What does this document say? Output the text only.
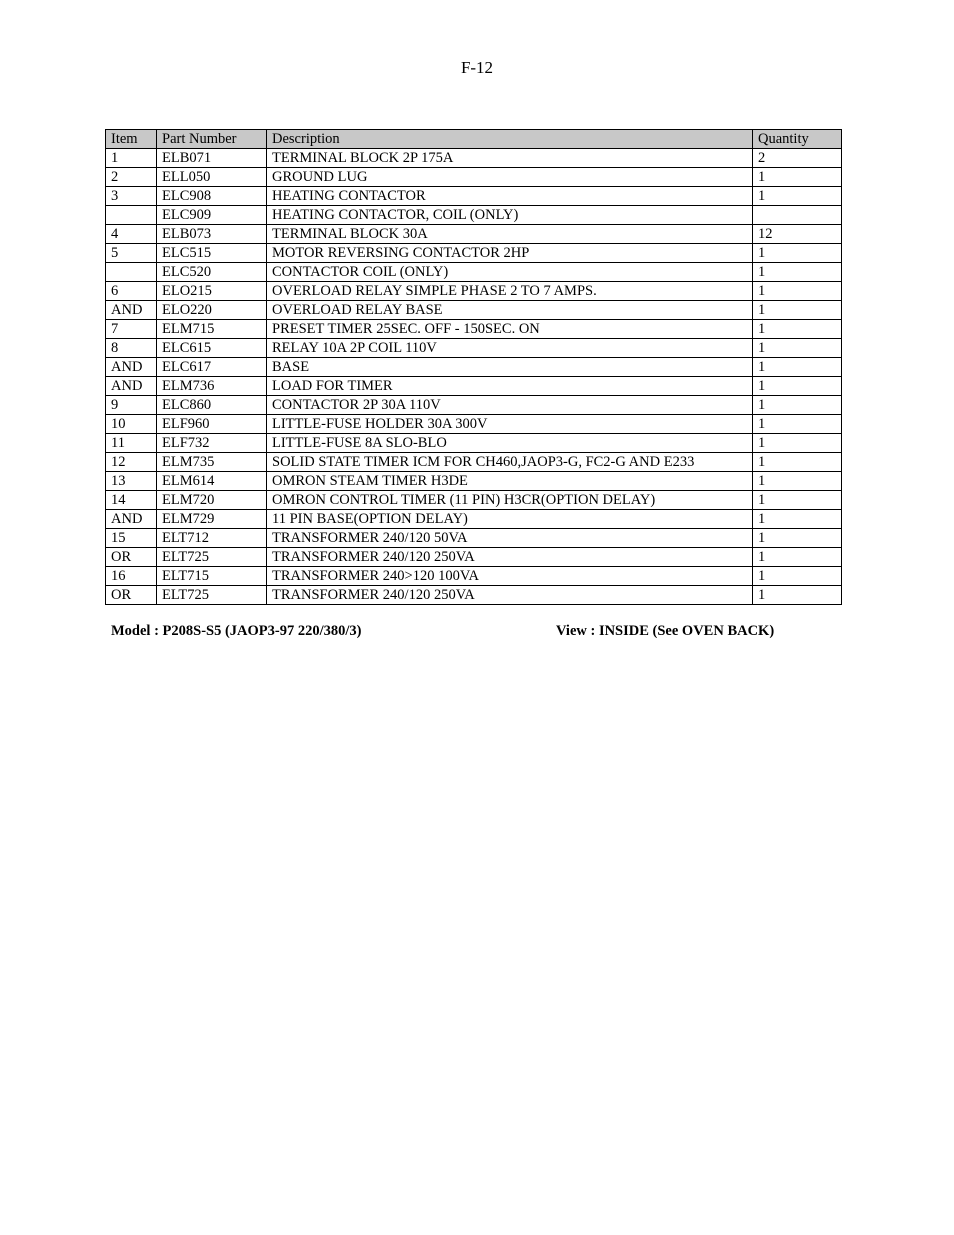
F-12
Item	Part Number	Description	Quantity
1	ELB071	TERMINAL BLOCK 2P 175A	2
2	ELL050	GROUND LUG	1
3	ELC908	HEATING CONTACTOR	1
	ELC909	HEATING CONTACTOR, COIL (ONLY)	
4	ELB073	TERMINAL BLOCK 30A	12
5	ELC515	MOTOR REVERSING CONTACTOR 2HP	1
	ELC520	CONTACTOR COIL (ONLY)	1
6	ELO215	OVERLOAD RELAY SIMPLE PHASE 2 TO 7 AMPS.	1
AND	ELO220	OVERLOAD RELAY BASE	1
7	ELM715	PRESET TIMER 25SEC. OFF - 150SEC. ON	1
8	ELC615	RELAY 10A 2P COIL 110V	1
AND	ELC617	BASE	1
AND	ELM736	LOAD FOR TIMER	1
9	ELC860	CONTACTOR 2P 30A 110V	1
10	ELF960	LITTLE-FUSE HOLDER 30A 300V	1
11	ELF732	LITTLE-FUSE 8A SLO-BLO	1
12	ELM735	SOLID STATE TIMER ICM FOR CH460,JAOP3-G, FC2-G AND E233	1
13	ELM614	OMRON STEAM TIMER H3DE	1
14	ELM720	OMRON CONTROL TIMER (11 PIN) H3CR(OPTION DELAY)	1
AND	ELM729	11 PIN BASE(OPTION DELAY)	1
15	ELT712	TRANSFORMER 240/120 50VA	1
OR	ELT725	TRANSFORMER 240/120 250VA	1
16	ELT715	TRANSFORMER 240>120 100VA	1
OR	ELT725	TRANSFORMER 240/120 250VA	1
Model : P208S-S5 (JAOP3-97 220/380/3)	View : INSIDE (See OVEN BACK)
